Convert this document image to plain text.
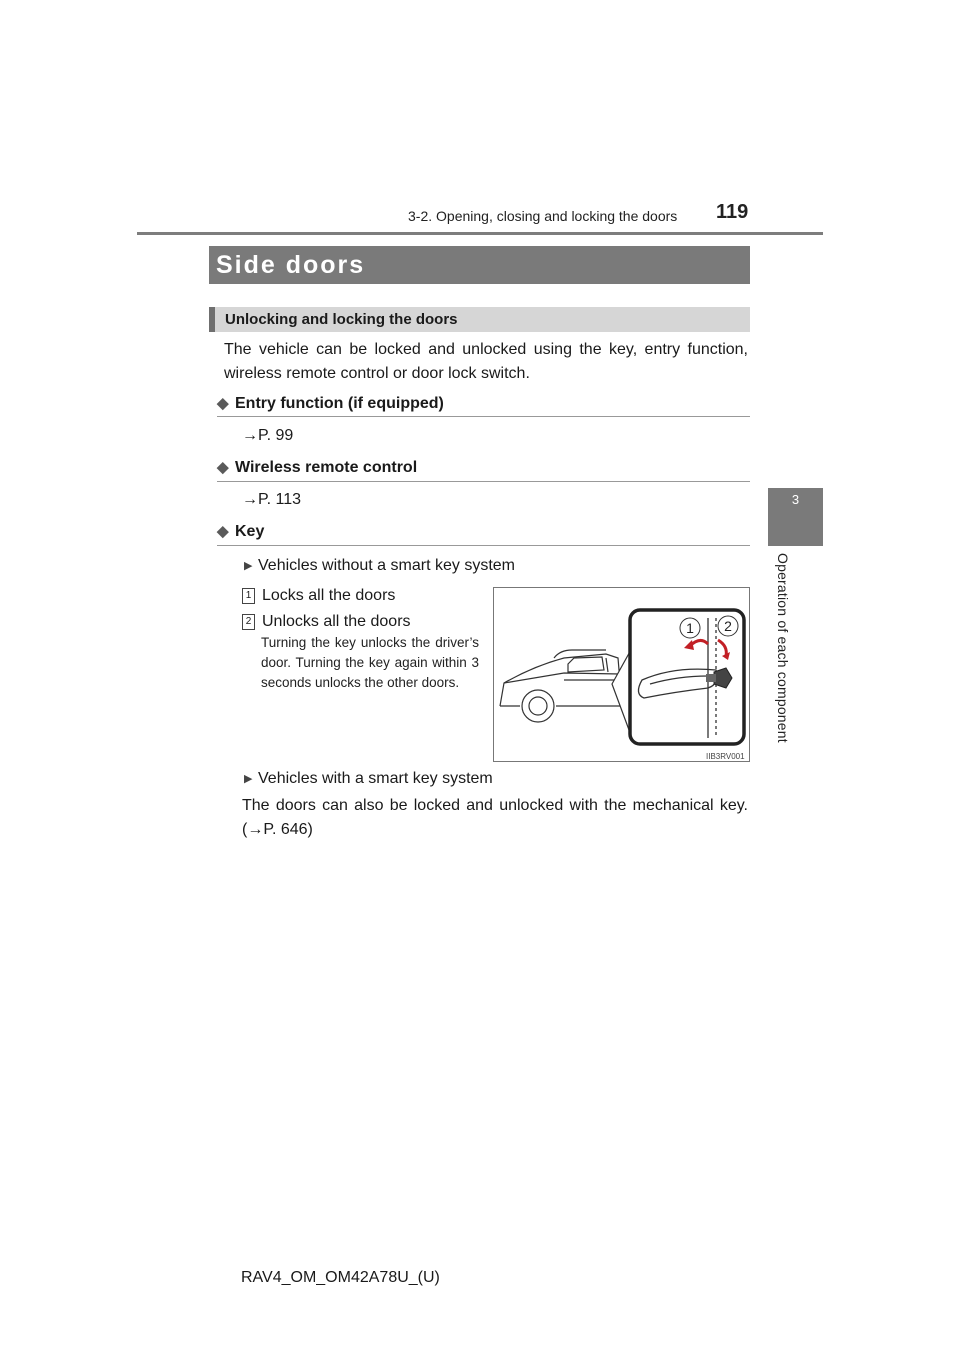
3-2. Opening, closing and locking the doors 119
3
Operation of each component
Side doors
Unlocking and locking the doors
The vehicle can be locked and unlocked using the key, entry function, wireless remote control or door lock switch.
◆ Entry function (if equipped)
→P. 99
◆ Wireless remote control
→P. 113
◆ Key
▶ Vehicles without a smart key system
1 Locks all the doors
2 Unlocks all the doors
Turning the key unlocks the driver’s door. Turning the key again within 3 seconds unlocks the other doors.
1 2
IIB3RV001
▶ Vehicles with a smart key system
The doors can also be locked and unlocked with the mechanical key. (→P. 646)
RAV4_OM_OM42A78U_(U)
